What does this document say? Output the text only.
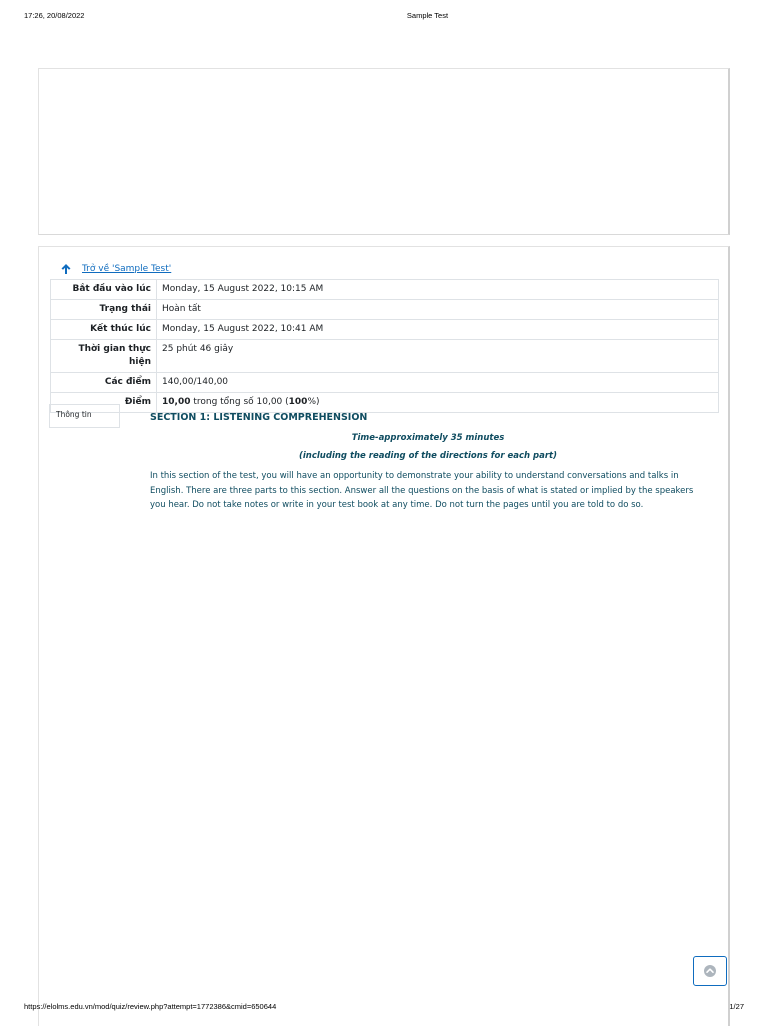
17:26, 20/08/2022	Sample Test
Trở về 'Sample Test'
Bắt đầu vào lúc	Monday, 15 August 2022, 10:15 AM
Trạng thái	Hoàn tất
Kết thúc lúc	Monday, 15 August 2022, 10:41 AM
Thời gian thực hiện	25 phút 46 giây
Các điểm	140,00/140,00
Điểm	10,00 trong tổng số 10,00 (100%)
Thông tin	SECTION 1: LISTENING COMPREHENSION

Time-approximately 35 minutes

(including the reading of the directions for each part)

In this section of the test, you will have an opportunity to demonstrate your ability to understand conversations and talks in English. There are three parts to this section. Answer all the questions on the basis of what is stated or implied by the speakers you hear. Do not take notes or write in your test book at any time. Do not turn the pages until you are told to do so.

https://elolms.edu.vn/mod/quiz/review.php?attempt=1772386&cmid=650644	1/27
